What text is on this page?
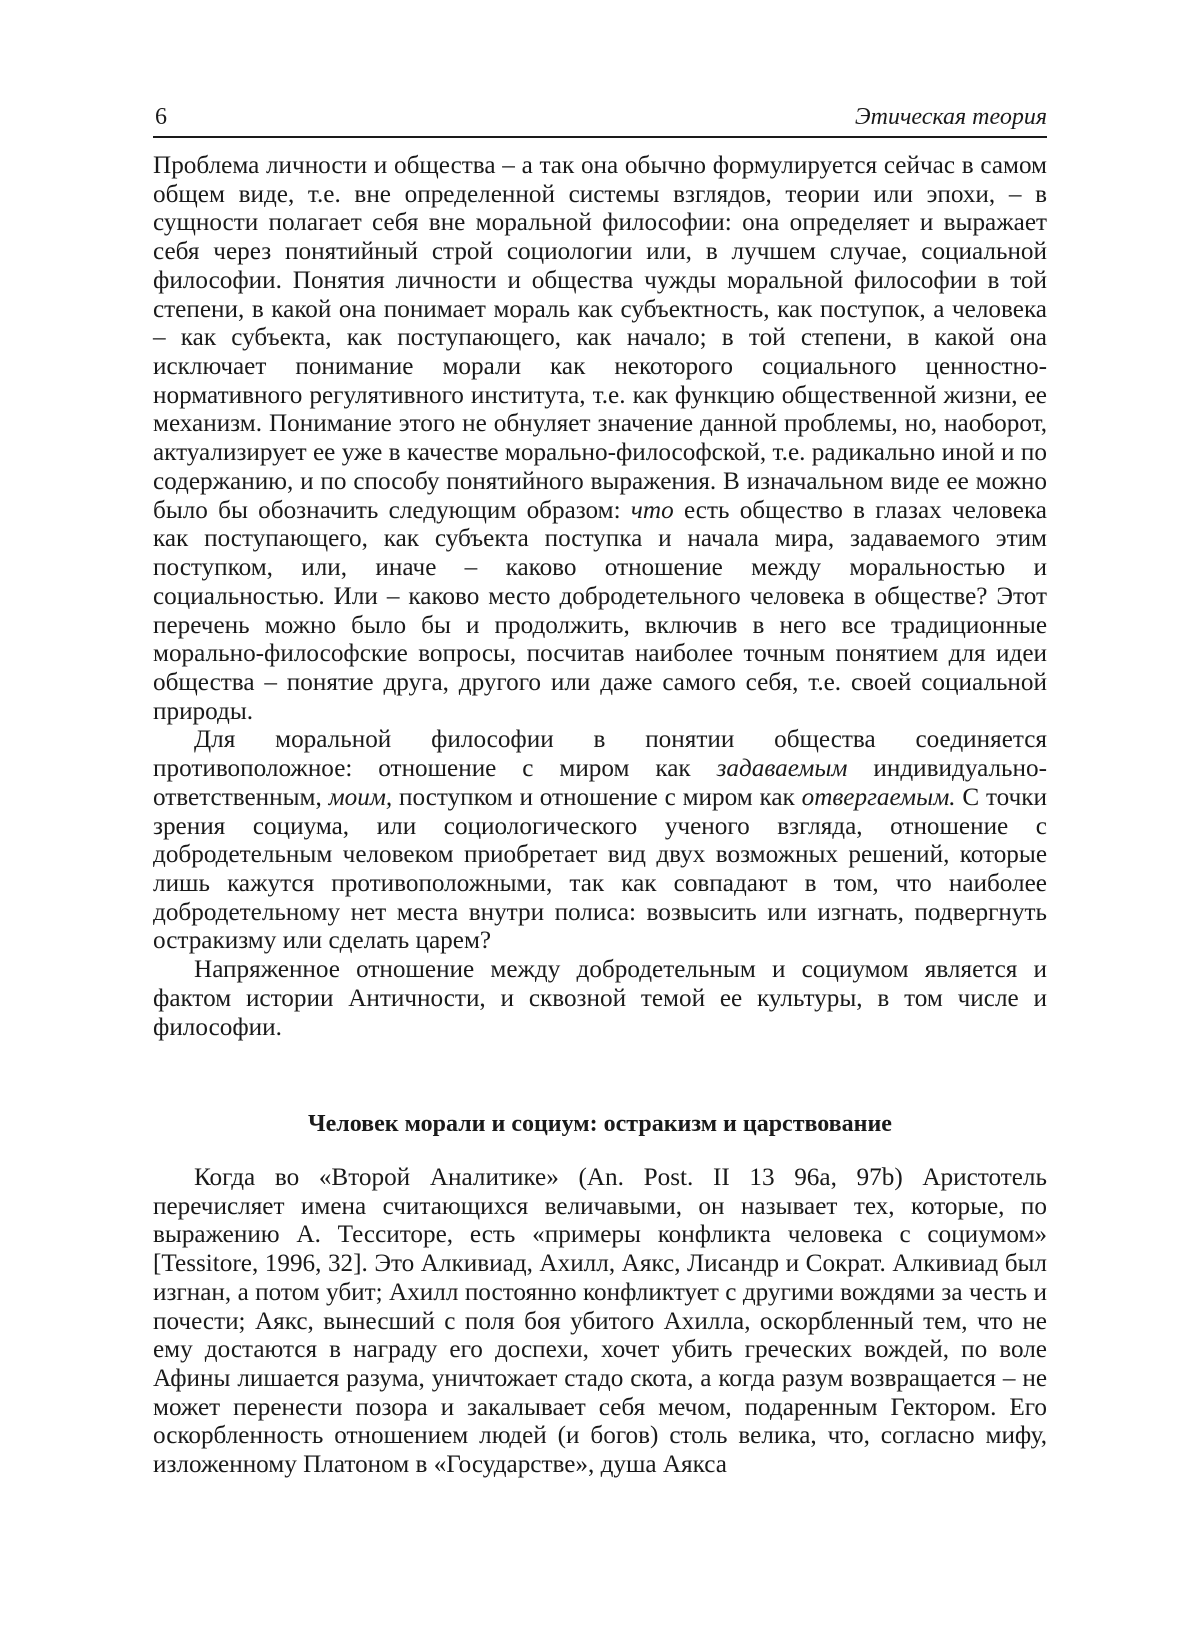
6	Этическая теория

Проблема личности и общества – а так она обычно формулируется сейчас в самом общем виде, т.е. вне определенной системы взглядов, теории или эпохи, – в сущности полагает себя вне моральной философии: она определяет и выражает себя через понятийный строй социологии или, в лучшем случае, социальной философии. Понятия личности и общества чужды моральной философии в той степени, в какой она понимает мораль как субъектность, как поступок, а человека – как субъекта, как поступающего, как начало; в той степени, в какой она исключает понимание морали как некоторого социального ценностно-нормативного регулятивного института, т.е. как функцию общественной жизни, ее механизм. Понимание этого не обнуляет значение данной проблемы, но, наоборот, актуализирует ее уже в качестве морально-философской, т.е. радикально иной и по содержанию, и по способу понятийного выражения. В изначальном виде ее можно было бы обозначить следующим образом: что есть общество в глазах человека как поступающего, как субъекта поступка и начала мира, задаваемого этим поступком, или, иначе – каково отношение между моральностью и социальностью. Или – каково место добродетельного человека в обществе? Этот перечень можно было бы и продолжить, включив в него все традиционные морально-философские вопросы, посчитав наиболее точным понятием для идеи общества – понятие друга, другого или даже самого себя, т.е. своей социальной природы.

Для моральной философии в понятии общества соединяется противоположное: отношение с миром как задаваемым индивидуально-ответственным, моим, поступком и отношение с миром как отвергаемым. С точки зрения социума, или социологического ученого взгляда, отношение с добродетельным человеком приобретает вид двух возможных решений, которые лишь кажутся противоположными, так как совпадают в том, что наиболее добродетельному нет места внутри полиса: возвысить или изгнать, подвергнуть остракизму или сделать царем?

Напряженное отношение между добродетельным и социумом является и фактом истории Античности, и сквозной темой ее культуры, в том числе и философии.

Человек морали и социум: остракизм и царствование

Когда во «Второй Аналитике» (An. Post. II 13 96a, 97b) Аристотель перечисляет имена считающихся величавыми, он называет тех, которые, по выражению А. Тесситоре, есть «примеры конфликта человека с социумом» [Tessitore, 1996, 32]. Это Алкивиад, Ахилл, Аякс, Лисандр и Сократ. Алкивиад был изгнан, а потом убит; Ахилл постоянно конфликтует с другими вождями за честь и почести; Аякс, вынесший с поля боя убитого Ахилла, оскорбленный тем, что не ему достаются в награду его доспехи, хочет убить греческих вождей, по воле Афины лишается разума, уничтожает стадо скота, а когда разум возвращается – не может перенести позора и закалывает себя мечом, подаренным Гектором. Его оскорбленность отношением людей (и богов) столь велика, что, согласно мифу, изложенному Платоном в «Государстве», душа Аякса
